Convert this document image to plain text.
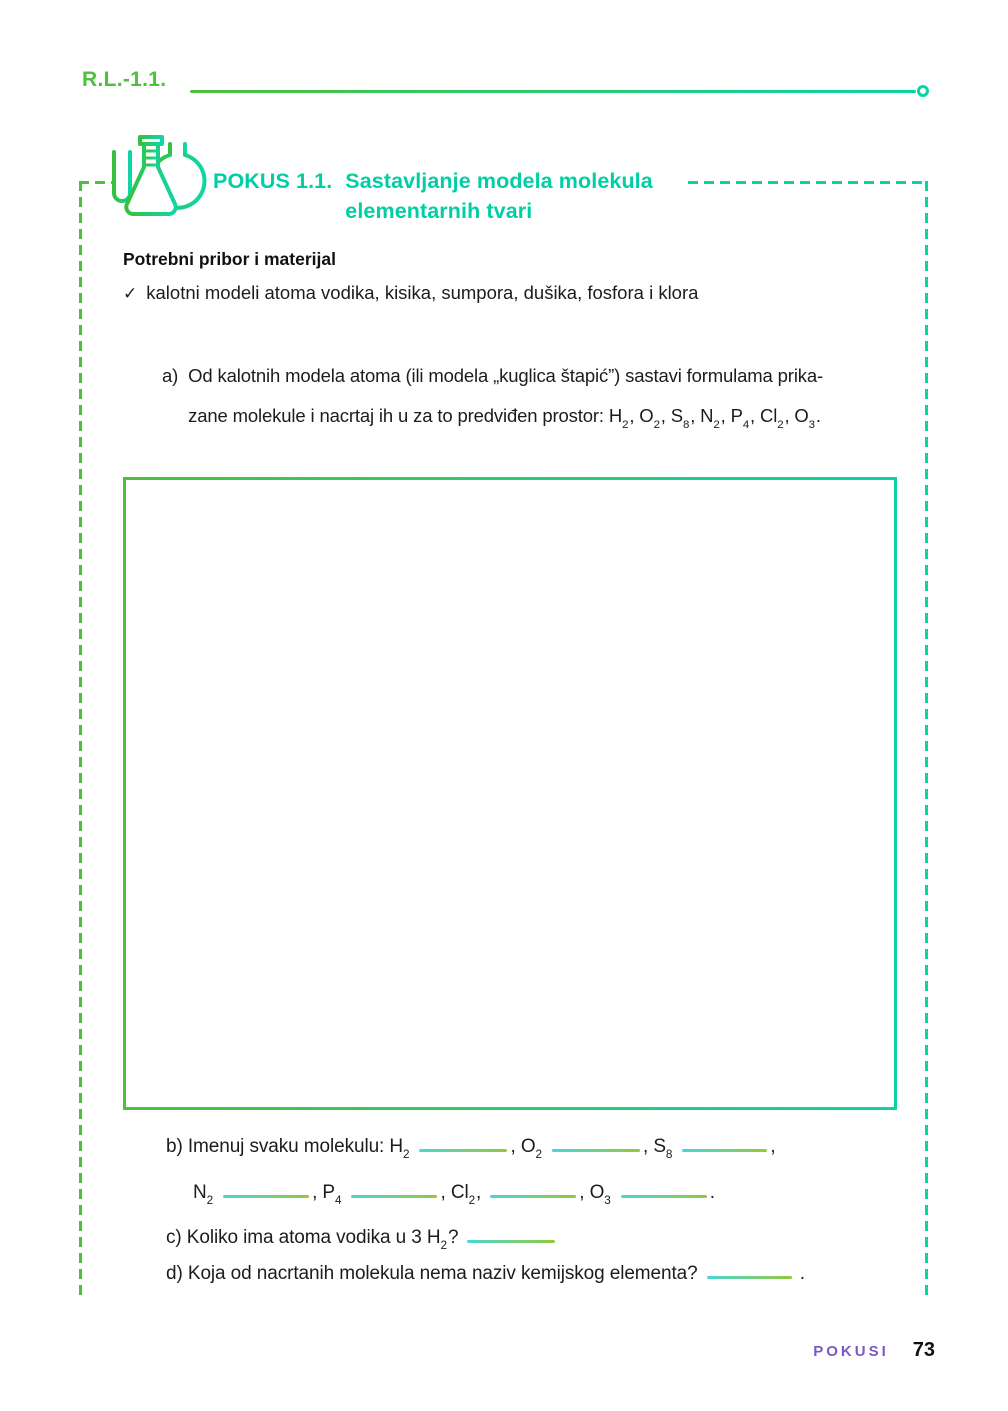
R.L.-1.1.
POKUS 1.1. Sastavljanje modela molekula
elementarnih tvari
Potrebni pribor i materijal
✓ kalotni modeli atoma vodika, kisika, sumpora, dušika, fosfora i klora
a) Od kalotnih modela atoma (ili modela „kuglica štapić”) sastavi formulama prika-
zane molekule i nacrtaj ih u za to predviđen prostor: $H_2$, $O_2$, $S_8$, $N_2$, $P_4$, $Cl_2$, $O_3$.
b) Imenuj svaku molekulu: $H_2$	, $O_2$	, $S_8$	,
$N_2$	, $P_4$	, $Cl_2$,	, $O_3$	.
c) Koliko ima atoma vodika u 3 $H_2$?
d) Koja od nacrtanih molekula nema naziv kemijskog elementa?	.
POKUSI 73
